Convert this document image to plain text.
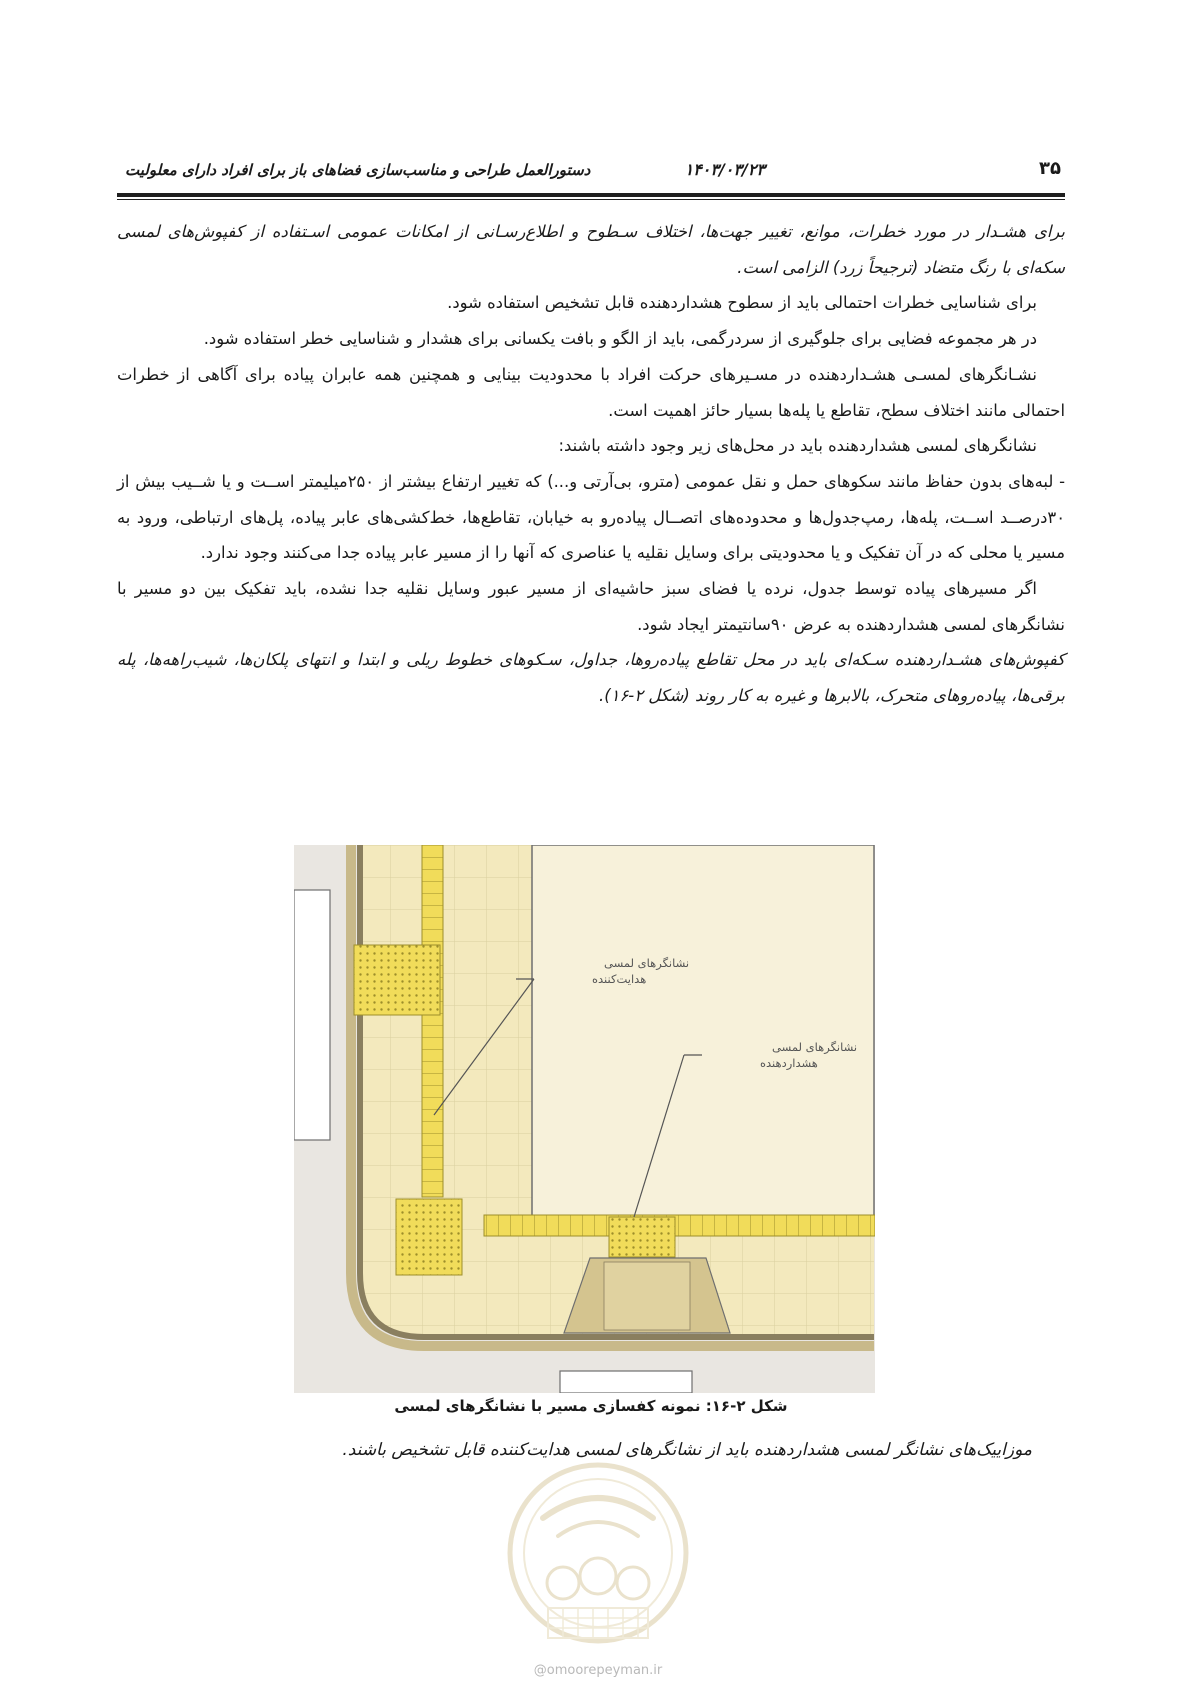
۳۵
۱۴۰۳/۰۳/۲۳
دستورالعمل طراحی و مناسب‌سازی فضاهای باز برای افراد دارای معلولیت

برای هشـدار در مورد خطرات، موانع، تغییر جهت‌ها، اختلاف سـطوح و اطلاع‌رسـانی از امکانات عمومی اسـتفاده از کفپوش‌های لمسی سکه‌ای با رنگ متضاد (ترجیحاً زرد) الزامی است.

برای شناسایی خطرات احتمالی باید از سطوح هشداردهنده قابل تشخیص استفاده شود.

در هر مجموعه فضایی برای جلوگیری از سردرگمی، باید از الگو و بافت یکسانی برای هشدار و شناسایی خطر استفاده شود.

نشـانگرهای لمسـی هشـداردهنده در مسـیرهای حرکت افراد با محدودیت بینایی و همچنین همه عابران پیاده برای آگاهی از خطرات احتمالی مانند اختلاف سطح، تقاطع یا پله‌ها بسیار حائز اهمیت است.

نشانگرهای لمسی هشداردهنده باید در محل‌های زیر وجود داشته باشند:

- لبه‌های بدون حفاظ مانند سکوهای حمل و نقل عمومی (مترو، بی‌آرتی و...) که تغییر ارتفاع بیشتر از ۲۵۰میلیمتر اســت و یا شــیب بیش از ۳۰درصــد اســت، پله‌ها، رمپ‌جدول‌ها و محدوده‌های اتصــال پیاده‌رو به خیابان، تقاطع‌ها، خط‌کشی‌های عابر پیاده، پل‌های ارتباطی، ورود به مسیر یا محلی که در آن تفکیک و یا محدودیتی برای وسایل نقلیه یا عناصری که آنها را از مسیر عابر پیاده جدا می‌کنند وجود ندارد.

اگر مسیرهای پیاده توسط جدول، نرده یا فضای سبز حاشیه‌ای از مسیر عبور وسایل نقلیه جدا نشده، باید تفکیک بین دو مسیر با نشانگرهای لمسی هشداردهنده به عرض ۹۰سانتیمتر ایجاد شود.

کفپوش‌های هشـداردهنده سـکه‌ای باید در محل تقاطع پیاده‌روها، جداول، سـکوهای خطوط ریلی و ابتدا و انتهای پلکان‌ها، شیب‌راهه‌ها، پله برقی‌ها، پیاده‌روهای متحرک، بالابرها و غیره به کار روند (شکل ۲-۱۶).

نشانگرهای لمسی
هدایت‌کننده
نشانگرهای لمسی
هشداردهنده
شکل ۲-۱۶: نمونه کفسازی مسیر با نشانگرهای لمسی
موزاییک‌های نشانگر لمسی هشداردهنده باید از نشانگرهای لمسی هدایت‌کننده قابل تشخیص باشند.
@omoorepeyman.ir
